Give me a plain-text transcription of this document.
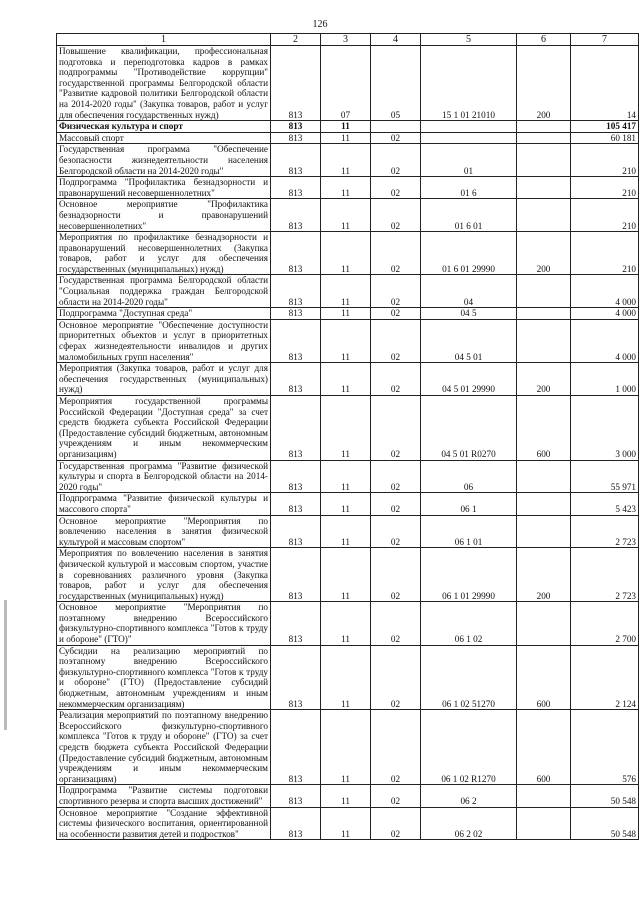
126
1	2	3	4	5	6	7
Повышение квалификации, профессиональная подготовка и переподготовка кадров в рамках подпрограммы "Противодействие коррупции" государственной программы Белгородской области "Развитие кадровой политики Белгородской области на 2014-2020 годы" (Закупка товаров, работ и услуг для обеспечения государственных нужд)	813	07	05	15 1 01 21010	200	14
Физическая культура и спорт	813	11				105 417
Массовый спорт	813	11	02			60 181
Государственная программа "Обеспечение безопасности жизнедеятельности населения Белгородской области на 2014-2020 годы"	813	11	02	01		210
Подпрограмма "Профилактика безнадзорности и правонарушений несовершеннолетних"	813	11	02	01 6		210
Основное мероприятие "Профилактика безнадзорности и правонарушений несовершеннолетних"	813	11	02	01 6 01		210
Мероприятия по профилактике безнадзорности и правонарушений несовершеннолетних (Закупка товаров, работ и услуг для обеспечения государственных (муниципальных) нужд)	813	11	02	01 6 01 29990	200	210
Государственная программа Белгородской области "Социальная поддержка граждан Белгородской области на 2014-2020 годы"	813	11	02	04		4 000
Подпрограмма "Доступная среда"	813	11	02	04 5		4 000
Основное мероприятие "Обеспечение доступности приоритетных объектов и услуг в приоритетных сферах жизнедеятельности инвалидов и других маломобильных групп населения"	813	11	02	04 5 01		4 000
Мероприятия (Закупка товаров, работ и услуг для обеспечения государственных (муниципальных) нужд)	813	11	02	04 5 01 29990	200	1 000
Мероприятия государственной программы Российской Федерации "Доступная среда" за счет средств бюджета субъекта Российской Федерации (Предоставление субсидий бюджетным, автономным учреждениям и иным некоммерческим организациям)	813	11	02	04 5 01 R0270	600	3 000
Государственная программа "Развитие физической культуры и спорта в Белгородской области на 2014-2020 годы"	813	11	02	06		55 971
Подпрограмма "Развитие физической культуры и массового спорта"	813	11	02	06 1		5 423
Основное мероприятие "Мероприятия по вовлечению населения в занятия физической культурой и массовым спортом"	813	11	02	06 1 01		2 723
Мероприятия по вовлечению населения в занятия физической культурой и массовым спортом, участие в соревнованиях различного уровня (Закупка товаров, работ и услуг для обеспечения государственных (муниципальных) нужд)	813	11	02	06 1 01 29990	200	2 723
Основное мероприятие "Мероприятия по поэтапному внедрению Всероссийского физкультурно-спортивного комплекса "Готов к труду и обороне" (ГТО)"	813	11	02	06 1 02		2 700
Субсидии на реализацию мероприятий по поэтапному внедрению Всероссийского физкультурно-спортивного комплекса "Готов к труду и обороне" (ГТО) (Предоставление субсидий бюджетным, автономным учреждениям и иным некоммерческим организациям)	813	11	02	06 1 02 51270	600	2 124
Реализация мероприятий по поэтапному внедрению Всероссийского физкультурно-спортивного комплекса "Готов к труду и обороне" (ГТО) за счет средств бюджета субъекта Российской Федерации (Предоставление субсидий бюджетным, автономным учреждениям и иным некоммерческим организациям)	813	11	02	06 1 02 R1270	600	576
Подпрограмма "Развитие системы подготовки спортивного резерва и спорта высших достижений"	813	11	02	06 2		50 548
Основное мероприятие "Создание эффективной системы физического воспитания, ориентированной на особенности развития детей и подростков"	813	11	02	06 2 02		50 548
